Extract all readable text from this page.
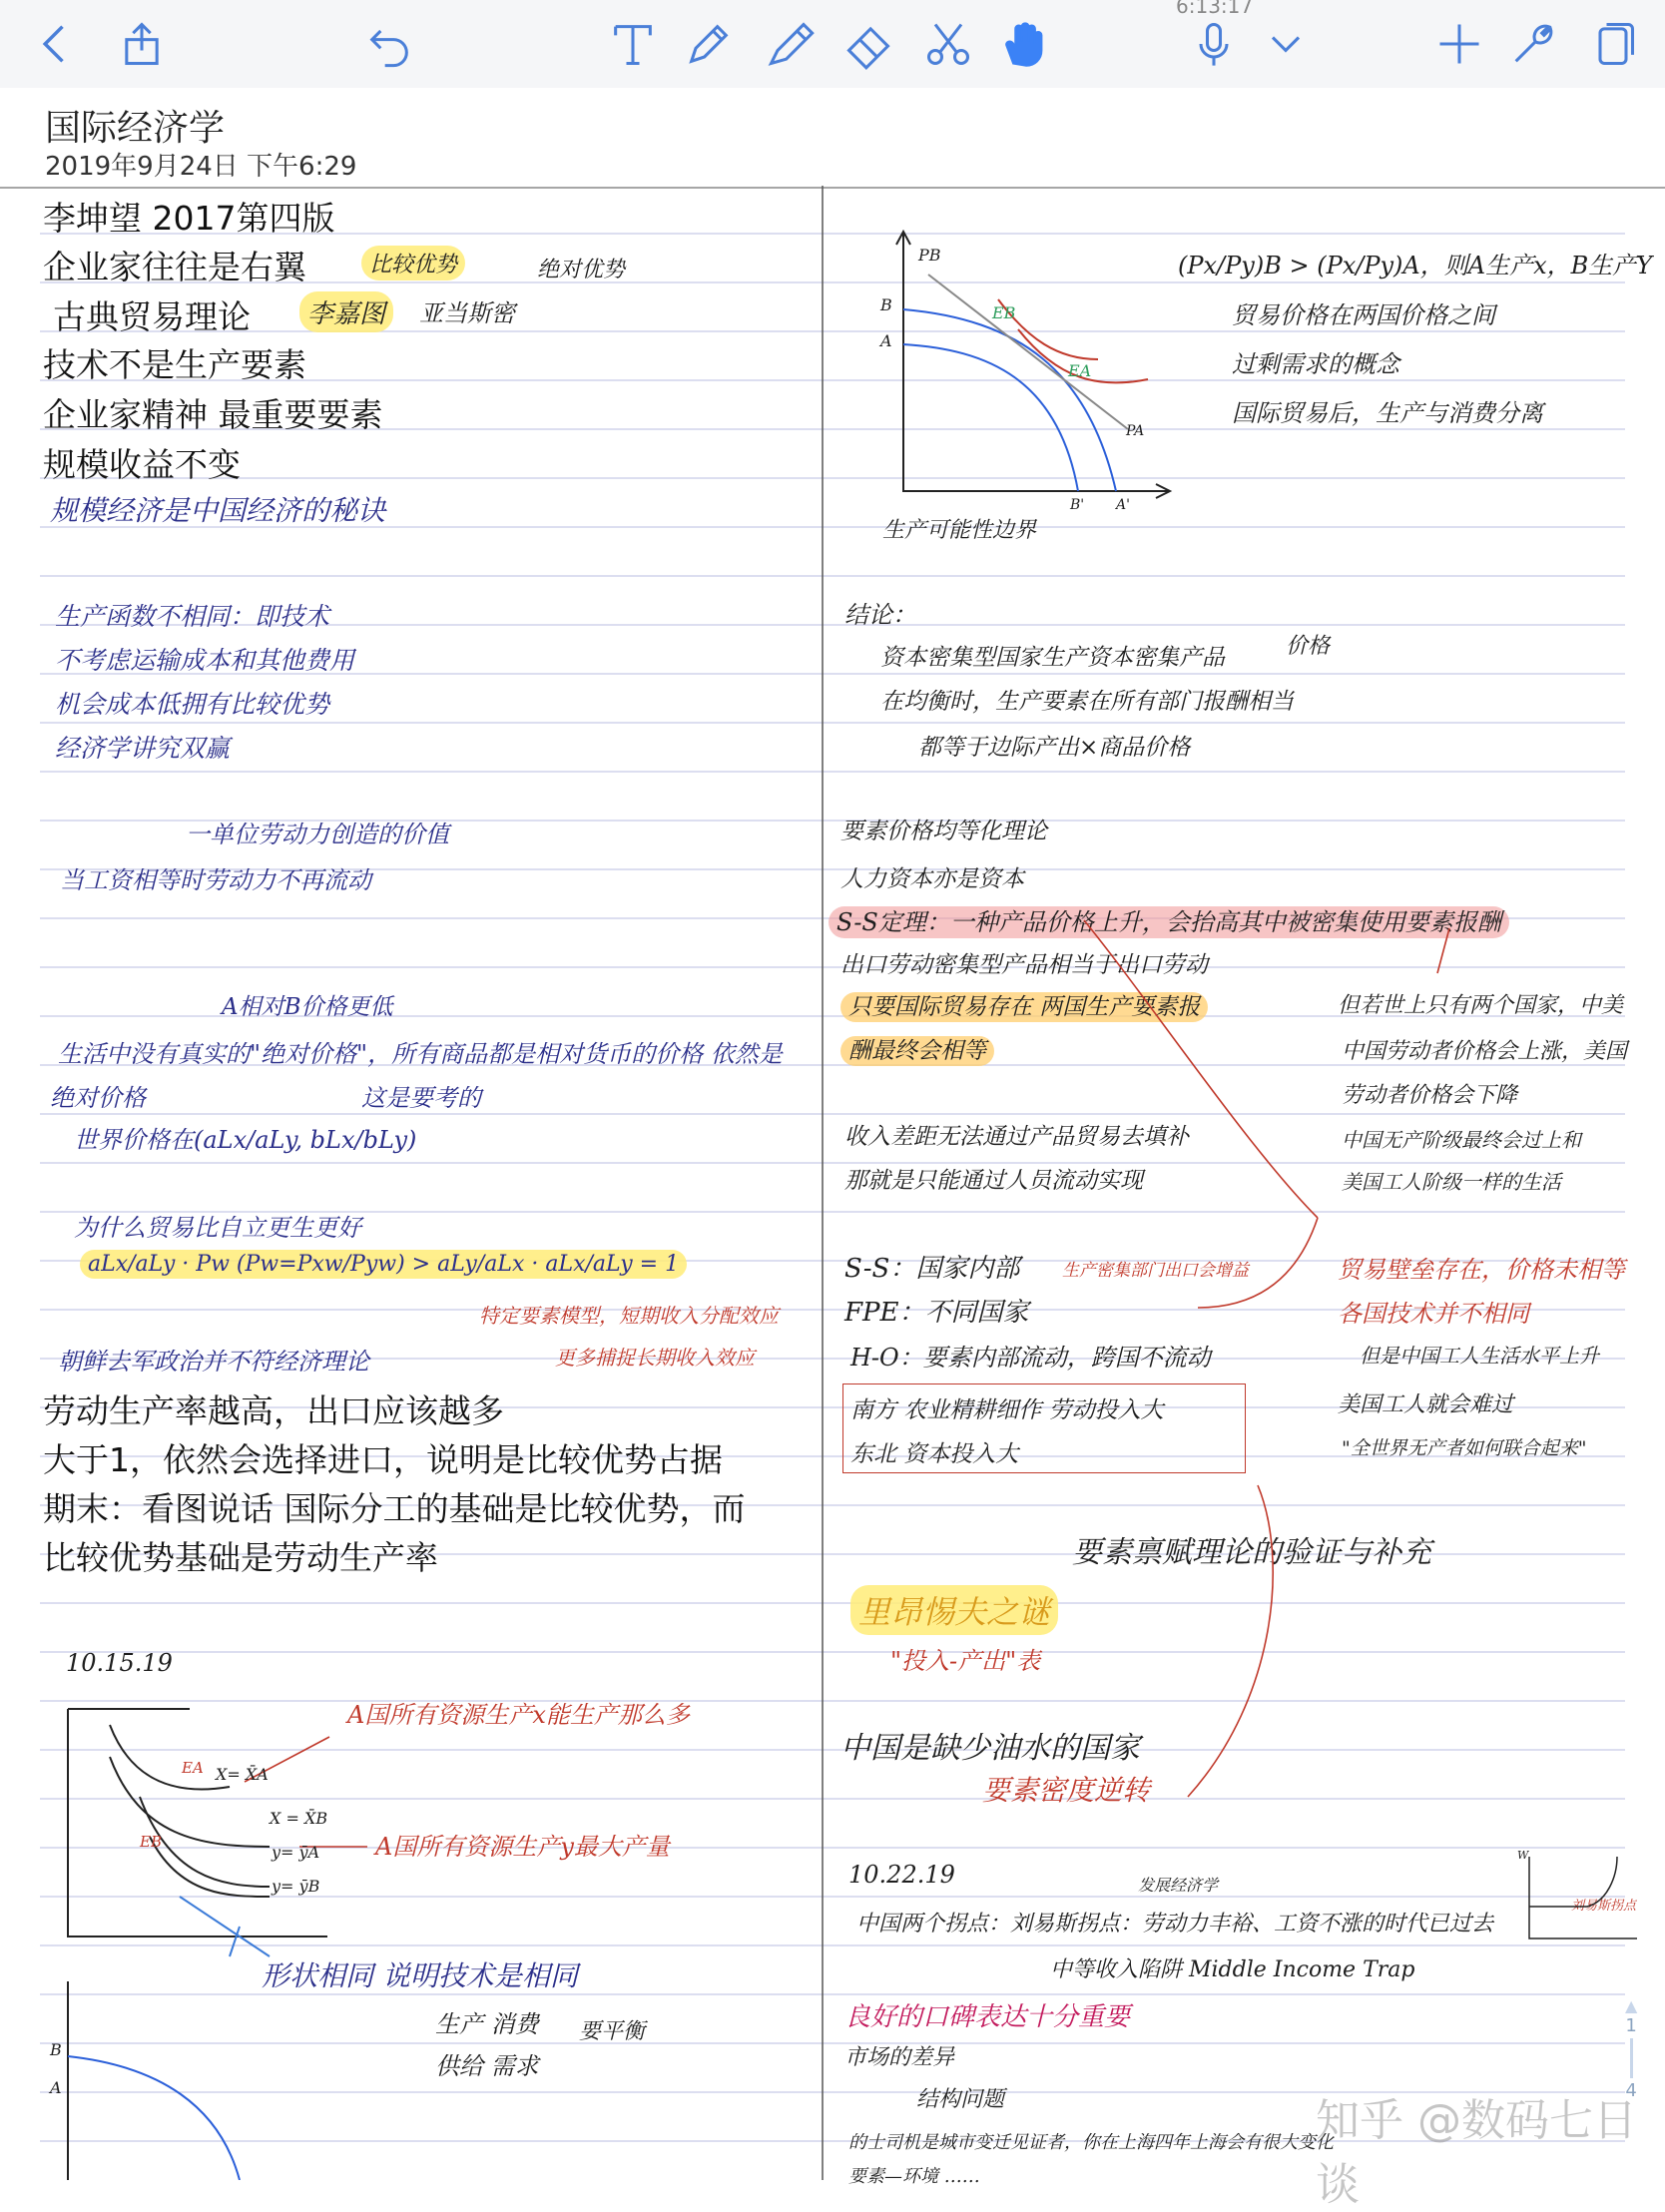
6:13:17
国际经济学
2019年9月24日 下午6:29
李坤望 2017第四版
企业家往往是右翼
古典贸易理论
技术不是生产要素
企业家精神 最重要要素
规模收益不变
劳动生产率越高，出口应该越多
大于1，依然会选择进口，说明是比较优势占据
期末：看图说话 国际分工的基础是比较优势，而
比较优势基础是劳动生产率
比较优势	绝对优势
李嘉图	亚当斯密
规模经济是中国经济的秘诀
生产函数不相同：即技术
不考虑运输成本和其他费用
机会成本低拥有比较优势
经济学讲究双赢
一单位劳动力创造的价值
当工资相等时劳动力不再流动
A相对B价格更低
生活中没有真实的"绝对价格"，所有商品都是相对货币的价格 依然是
绝对价格	这是要考的
世界价格在(aLx/aLy, bLx/bLy)
为什么贸易比自立更生更好
aLx/aLy · Pw (Pw=Pxw/Pyw) > aLy/aLx · aLx/aLy = 1
特定要素模型，短期收入分配效应
朝鲜去军政治并不符经济理论	更多捕捉长期收入效应
10.15.19
A国所有资源生产x能生产那么多
A国所有资源生产y最大产量
形状相同 说明技术是相同
生产 消费
供给 需求
要平衡
(Px/Py)B > (Px/Py)A，则A生产x，B生产Y
贸易价格在两国价格之间
过剩需求的概念
国际贸易后，生产与消费分离
生产可能性边界
结论：
资本密集型国家生产资本密集产品	价格
在均衡时，生产要素在所有部门报酬相当
都等于边际产出×商品价格
要素价格均等化理论
人力资本亦是资本
S-S定理：一种产品价格上升，会抬高其中被密集使用要素报酬
出口劳动密集型产品相当于出口劳动
只要国际贸易存在 两国生产要素报
酬最终会相等
收入差距无法通过产品贸易去填补
那就是只能通过人员流动实现
S-S：国家内部	生产密集部门出口会增益
FPE：不同国家
H-O：要素内部流动，跨国不流动
南方 农业精耕细作 劳动投入大
东北 资本投入大
但若世上只有两个国家，中美
中国劳动者价格会上涨，美国
劳动者价格会下降
中国无产阶级最终会过上和
美国工人阶级一样的生活
贸易壁垒存在，价格未相等
各国技术并不相同
但是中国工人生活水平上升
美国工人就会难过
"全世界无产者如何联合起来"
要素禀赋理论的验证与补充
里昂惕夫之谜
"投入-产出"表
中国是缺少油水的国家
要素密度逆转
10.22.19	发展经济学
中国两个拐点：刘易斯拐点：劳动力丰裕、工资不涨的时代已过去
中等收入陷阱 Middle Income Trap
刘易斯拐点
良好的口碑表达十分重要
市场的差异
结构问题
的士司机是城市变迁见证者，你在上海四年上海会有很大变化
要素—环境 ……
PB
B
A
EB
EA
PA
B' A'
X= X̄A
EA
X = X̄B
y= ȳA
y= ȳB
EB
W
B
A
知乎 @数码七日谈
▲
1
4
